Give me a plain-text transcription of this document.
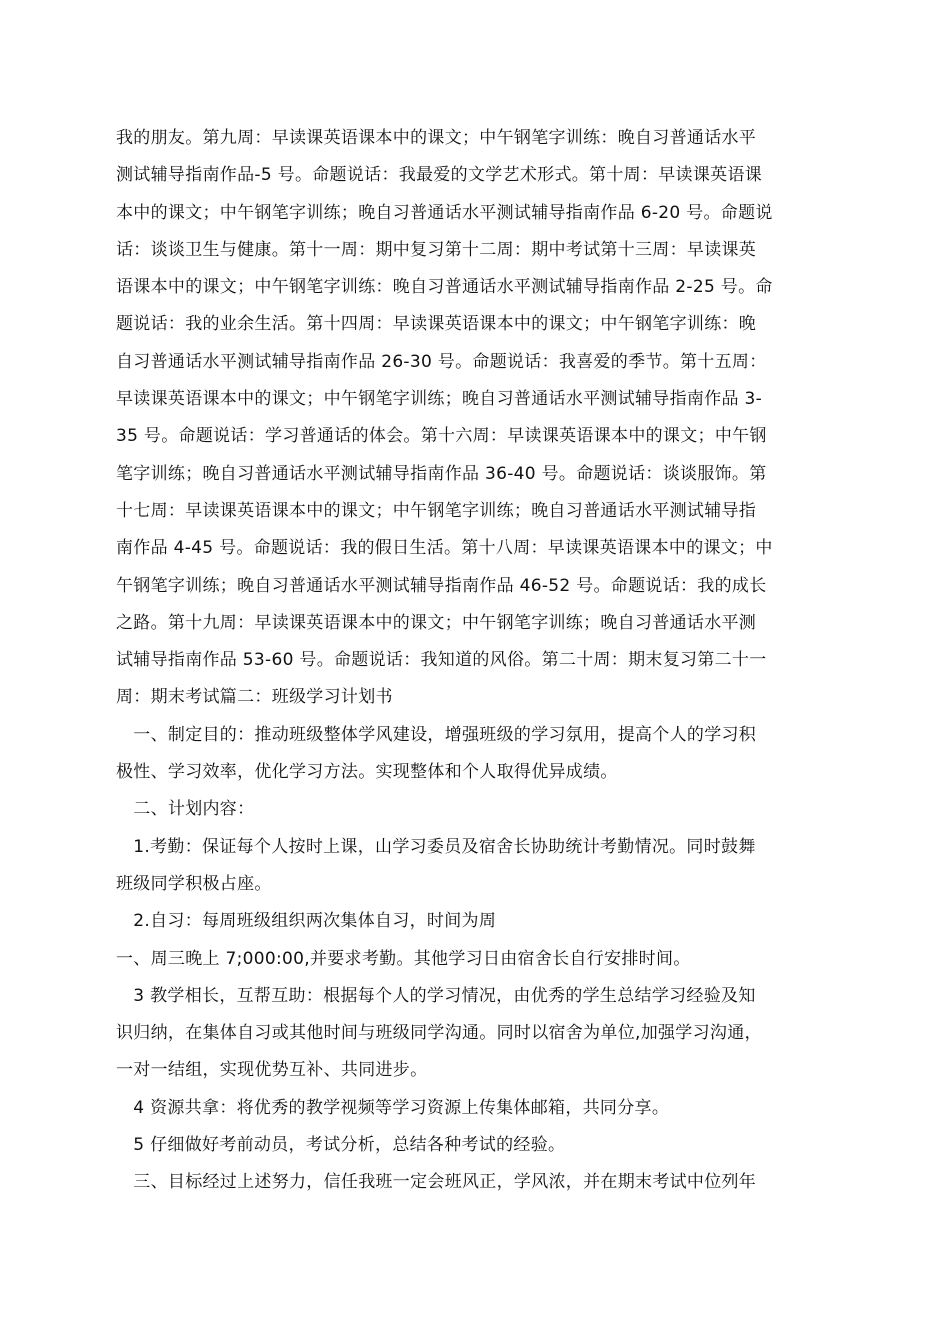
我的朋友。第九周：早读课英语课本中的课文；中午钢笔字训练：晚自习普通话水平
测试辅导指南作品-5 号。命题说话：我最爱的文学艺术形式。第十周：早读课英语课
本中的课文；中午钢笔字训练；晚自习普通话水平测试辅导指南作品 6-20 号。命题说
话：谈谈卫生与健康。第十一周：期中复习第十二周：期中考试第十三周：早读课英
语课本中的课文；中午钢笔字训练：晚自习普通话水平测试辅导指南作品 2-25 号。命
题说话：我的业余生活。第十四周：早读课英语课本中的课文；中午钢笔字训练：晚
自习普通话水平测试辅导指南作品 26-30 号。命题说话：我喜爱的季节。第十五周：
早读课英语课本中的课文；中午钢笔字训练；晚自习普通话水平测试辅导指南作品 3-
35 号。命题说话：学习普通话的体会。第十六周：早读课英语课本中的课文；中午钢
笔字训练；晚自习普通话水平测试辅导指南作品 36-40 号。命题说话：谈谈服饰。第
十七周：早读课英语课本中的课文；中午钢笔字训练；晚自习普通话水平测试辅导指
南作品 4-45 号。命题说话：我的假日生活。第十八周：早读课英语课本中的课文；中
午钢笔字训练；晚自习普通话水平测试辅导指南作品 46-52 号。命题说话：我的成长
之路。第十九周：早读课英语课本中的课文；中午钢笔字训练；晚自习普通话水平测
试辅导指南作品 53-60 号。命题说话：我知道的风俗。第二十周：期末复习第二十一
周：期末考试篇二：班级学习计划书
　一、制定目的：推动班级整体学风建设，增强班级的学习氛用，提高个人的学习积
极性、学习效率，优化学习方法。实现整体和个人取得优异成绩。
　二、计划内容：
　1.考勤：保证每个人按时上课，山学习委员及宿舍长协助统计考勤情况。同时鼓舞
班级同学积极占座。
　2.自习：每周班级组织两次集体自习，时间为周
一、周三晚上 7;000:00,并要求考勤。其他学习日由宿舍长自行安排时间。
　3 教学相长，互帮互助：根据每个人的学习情况，由优秀的学生总结学习经验及知
识归纳，在集体自习或其他时间与班级同学沟通。同时以宿舍为单位,加强学习沟通，
一对一结组，实现优势互补、共同进步。
　4 资源共拿：将优秀的教学视频等学习资源上传集体邮箱，共同分享。
　5 仔细做好考前动员，考试分析，总结各种考试的经验。
　三、目标经过上述努力，信任我班一定会班风正，学风浓，并在期末考试中位列年
